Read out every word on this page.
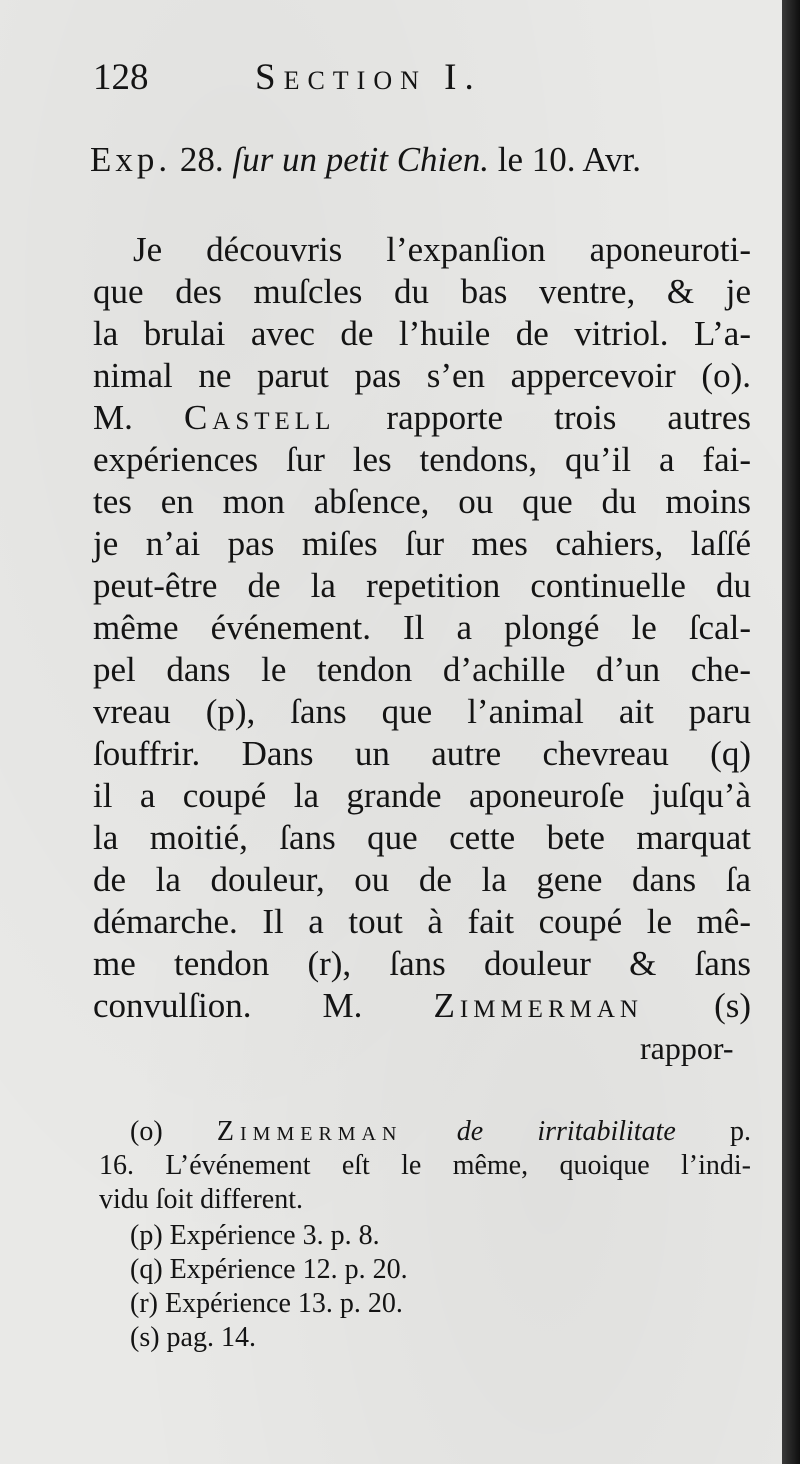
128	Section I.
Exp. 28. ſur un petit Chien. le 10. Avr.
Je découvris l’expanſion aponeuroti-
que des muſcles du bas ventre, & je
la brulai avec de l’huile de vitriol. L’a-
nimal ne parut pas s’en appercevoir (o).
M. Castell rapporte trois autres
expériences ſur les tendons, qu’il a fai-
tes en mon abſence, ou que du moins
je n’ai pas miſes ſur mes cahiers, laſſé
peut-être de la repetition continuelle du
même événement. Il a plongé le ſcal-
pel dans le tendon d’achille d’un che-
vreau (p), ſans que l’animal ait paru
ſouffrir. Dans un autre chevreau (q)
il a coupé la grande aponeuroſe juſqu’à
la moitié, ſans que cette bete marquat
de la douleur, ou de la gene dans ſa
démarche. Il a tout à fait coupé le mê-
me tendon (r), ſans douleur & ſans
convulſion. M. Zimmerman (s)
rappor-
(o) Zimmerman de irritabilitate p.
16. L’événement eſt le même, quoique l’indi-
vidu ſoit different.
(p) Expérience 3. p. 8.
(q) Expérience 12. p. 20.
(r) Expérience 13. p. 20.
(s) pag. 14.
